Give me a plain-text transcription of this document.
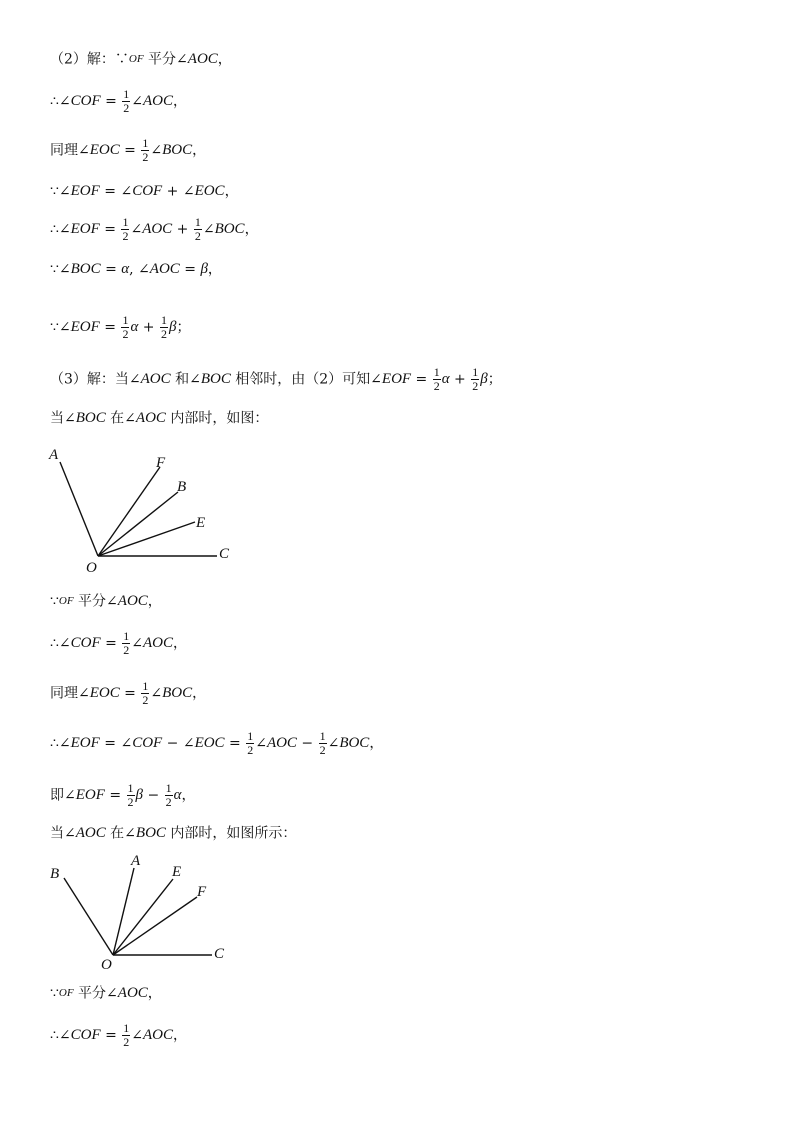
（2）解：∵OF 平分∠AOC，
∴∠COF = $\frac{1}{2}$ ∠AOC，
同理∠EOC = $\frac{1}{2}$ ∠BOC，
∵∠EOF = ∠COF + ∠EOC，
∴∠EOF = $\frac{1}{2}$ ∠AOC + $\frac{1}{2}$ ∠BOC，
∵∠BOC = α, ∠AOC = β，
∵∠EOF = $\frac{1}{2}$ $\alpha + \frac{1}{2}$ β；
（3）解：当∠AOC 和∠BOC 相邻时，由（2）可知∠EOF = $\frac{1}{2}$ $\alpha + \frac{1}{2}$ β；
当∠BOC 在∠AOC 内部时，如图：
A	F
B
E
C
O
∵OF 平分∠AOC，
∴∠COF = $\frac{1}{2}$ ∠AOC，
同理∠EOC = $\frac{1}{2}$ ∠BOC，
∴∠EOF = ∠COF − ∠EOC = $\frac{1}{2}$ ∠AOC − $\frac{1}{2}$ ∠BOC，
即∠EOF = $\frac{1}{2}$ $\beta - \frac{1}{2}$ α，
当∠AOC 在∠BOC 内部时，如图所示：
B
A
E
F
C
O
∵OF 平分∠AOC，
∴∠COF = $\frac{1}{2}$ ∠AOC，
